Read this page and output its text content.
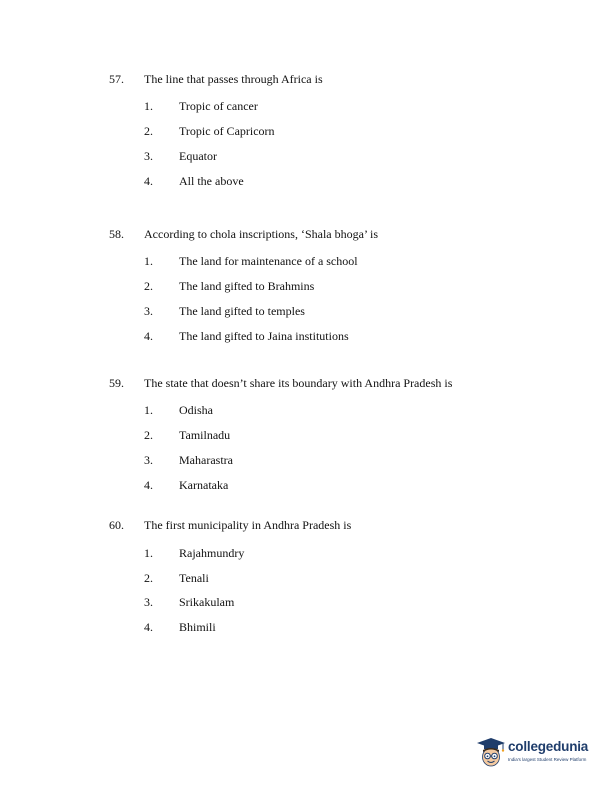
57. The line that passes through Africa is
1. Tropic of cancer
2. Tropic of Capricorn
3. Equator
4. All the above
58. According to chola inscriptions, ‘Shala bhoga’ is
1. The land for maintenance of a school
2. The land gifted to Brahmins
3. The land gifted to temples
4. The land gifted to Jaina institutions
59. The state that doesn’t share its boundary with Andhra Pradesh is
1. Odisha
2. Tamilnadu
3. Maharastra
4. Karnataka
60. The first municipality in Andhra Pradesh is
1. Rajahmundry
2. Tenali
3. Srikakulam
4. Bhimili
collegedunia
India's largest Student Review Platform
